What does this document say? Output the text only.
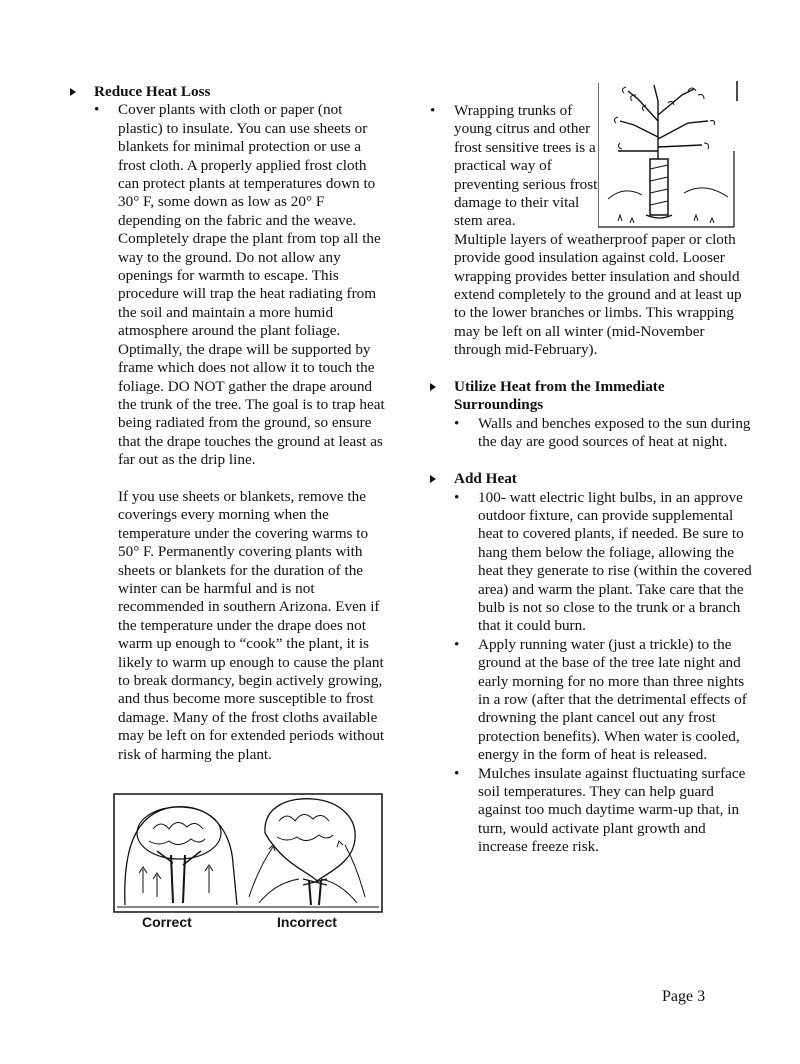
Reduce Heat Loss
• Cover plants with cloth or paper (not plastic) to insulate. You can use sheets or blankets for minimal protection or use a frost cloth. A properly applied frost cloth can protect plants at temperatures down to 30° F, some down as low as 20° F depending on the fabric and the weave. Completely drape the plant from top all the way to the ground. Do not allow any openings for warmth to escape. This procedure will trap the heat radiating from the soil and maintain a more humid atmosphere around the plant foliage. Optimally, the drape will be supported by frame which does not allow it to touch the foliage. DO NOT gather the drape around the trunk of the tree. The goal is to trap heat being radiated from the ground, so ensure that the drape touches the ground at least as far out as the drip line.

If you use sheets or blankets, remove the coverings every morning when the temperature under the covering warms to 50° F. Permanently covering plants with sheets or blankets for the duration of the winter can be harmful and is not recommended in southern Arizona. Even if the temperature under the drape does not warm up enough to “cook” the plant, it is likely to warm up enough to cause the plant to break dormancy, begin actively growing, and thus become more susceptible to frost damage. Many of the frost cloths available may be left on for extended periods without risk of harming the plant.

Correct	Incorrect
• Wrapping trunks of young citrus and other frost sensitive trees is a practical way of preventing serious frost damage to their vital stem area.

Multiple layers of weatherproof paper or cloth provide good insulation against cold. Looser wrapping provides better insulation and should extend completely to the ground and at least up to the lower branches or limbs. This wrapping may be left on all winter (mid-November through mid-February).

Utilize Heat from the Immediate Surroundings
• Walls and benches exposed to the sun during the day are good sources of heat at night.

Add Heat
• 100- watt electric light bulbs, in an approve outdoor fixture, can provide supplemental heat to covered plants, if needed. Be sure to hang them below the foliage, allowing the heat they generate to rise (within the covered area) and warm the plant. Take care that the bulb is not so close to the trunk or a branch that it could burn.

• Apply running water (just a trickle) to the ground at the base of the tree late night and early morning for no more than three nights in a row (after that the detrimental effects of drowning the plant cancel out any frost protection benefits). When water is cooled, energy in the form of heat is released.

• Mulches insulate against fluctuating surface soil temperatures. They can help guard against too much daytime warm-up that, in turn, would activate plant growth and increase freeze risk.

Page 3
